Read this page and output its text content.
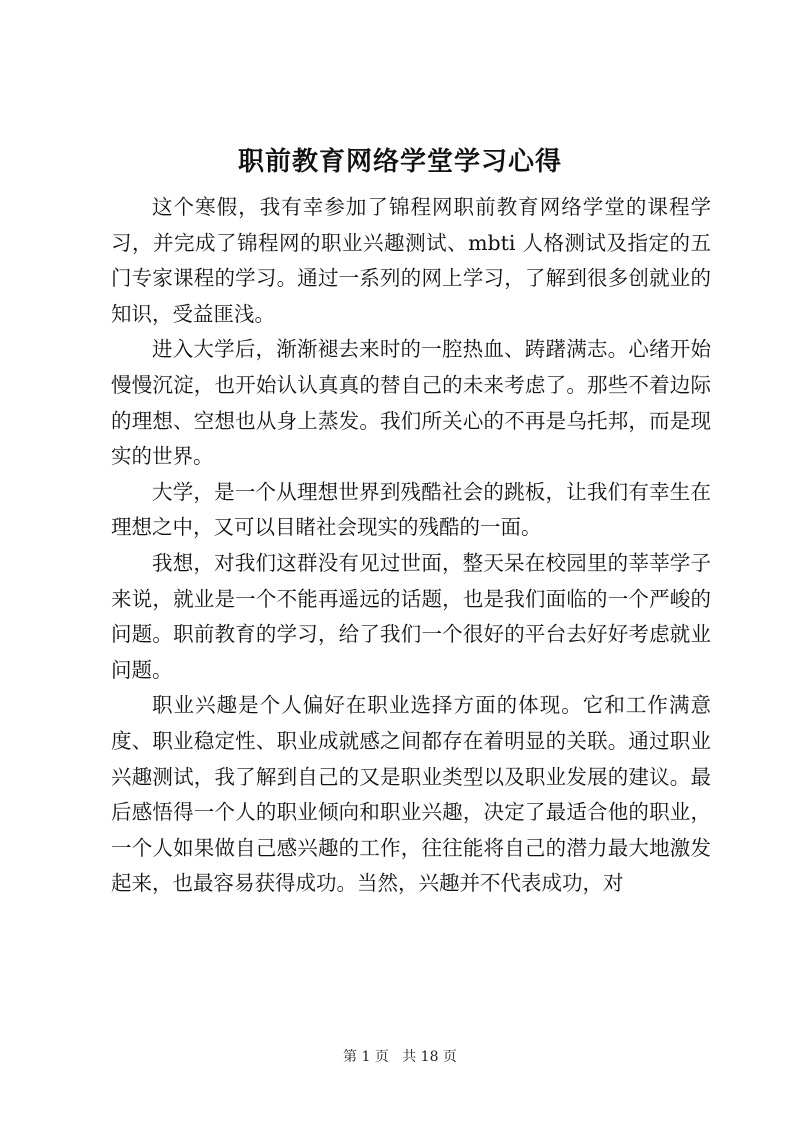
职前教育网络学堂学习心得

这个寒假，我有幸参加了锦程网职前教育网络学堂的课程学习，并完成了锦程网的职业兴趣测试、mbti 人格测试及指定的五门专家课程的学习。通过一系列的网上学习，了解到很多创就业的知识，受益匪浅。

进入大学后，渐渐褪去来时的一腔热血、踌躇满志。心绪开始慢慢沉淀，也开始认认真真的替自己的未来考虑了。那些不着边际的理想、空想也从身上蒸发。我们所关心的不再是乌托邦，而是现实的世界。

大学，是一个从理想世界到残酷社会的跳板，让我们有幸生在理想之中，又可以目睹社会现实的残酷的一面。

我想，对我们这群没有见过世面，整天呆在校园里的莘莘学子来说，就业是一个不能再遥远的话题，也是我们面临的一个严峻的问题。职前教育的学习，给了我们一个很好的平台去好好考虑就业问题。

职业兴趣是个人偏好在职业选择方面的体现。它和工作满意度、职业稳定性、职业成就感之间都存在着明显的关联。通过职业兴趣测试，我了解到自己的又是职业类型以及职业发展的建议。最后感悟得一个人的职业倾向和职业兴趣，决定了最适合他的职业，一个人如果做自己感兴趣的工作，往往能将自己的潜力最大地激发起来，也最容易获得成功。当然，兴趣并不代表成功，对

第 1 页 共 18 页
